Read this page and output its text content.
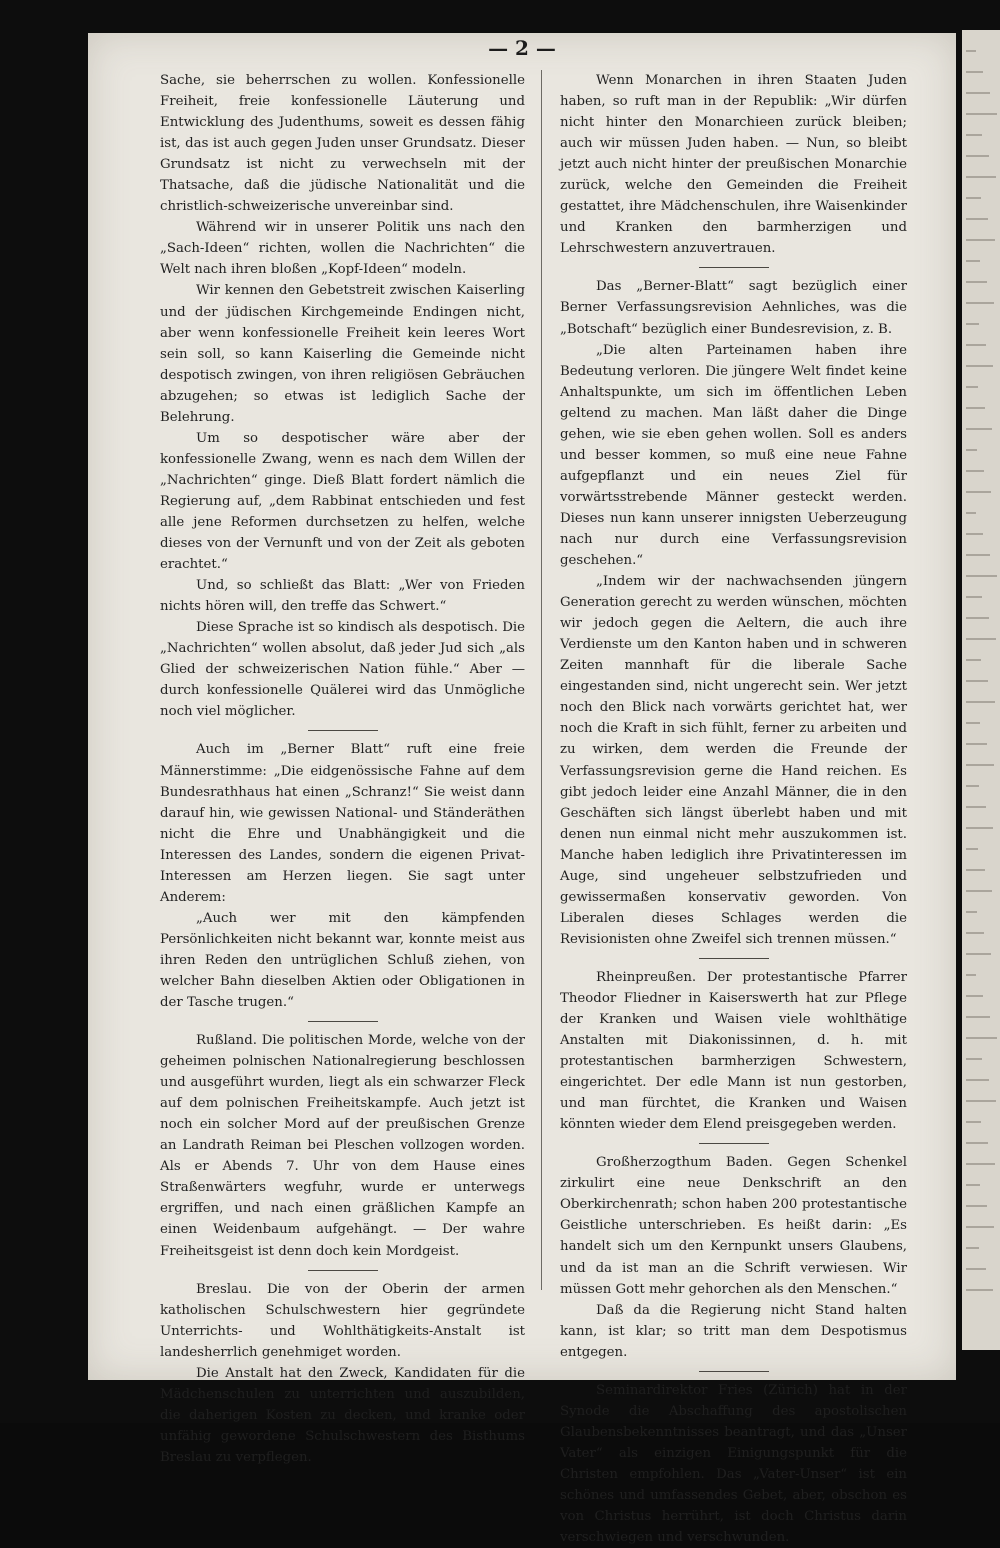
— 2 —

Sache, sie beherrschen zu wollen. Konfessionelle Freiheit, freie konfessionelle Läuterung und Entwicklung des Judenthums, soweit es dessen fähig ist, das ist auch gegen Juden unser Grundsatz. Dieser Grundsatz ist nicht zu verwechseln mit der Thatsache, daß die jüdische Nationalität und die christlich-schweizerische unvereinbar sind.

Während wir in unserer Politik uns nach den „Sach-Ideen“ richten, wollen die Nachrichten“ die Welt nach ihren bloßen „Kopf-Ideen“ modeln.

Wir kennen den Gebetstreit zwischen Kaiserling und der jüdischen Kirchgemeinde Endingen nicht, aber wenn konfessionelle Freiheit kein leeres Wort sein soll, so kann Kaiserling die Gemeinde nicht despotisch zwingen, von ihren religiösen Gebräuchen abzugehen; so etwas ist lediglich Sache der Belehrung.

Um so despotischer wäre aber der konfessionelle Zwang, wenn es nach dem Willen der „Nachrichten“ ginge. Dieß Blatt fordert nämlich die Regierung auf, „dem Rabbinat entschieden und fest alle jene Reformen durchsetzen zu helfen, welche dieses von der Vernunft und von der Zeit als geboten erachtet.“

Und, so schließt das Blatt: „Wer von Frieden nichts hören will, den treffe das Schwert.“

Diese Sprache ist so kindisch als despotisch. Die „Nachrichten“ wollen absolut, daß jeder Jud sich „als Glied der schweizerischen Nation fühle.“ Aber — durch konfessionelle Quälerei wird das Unmögliche noch viel möglicher.

Auch im „Berner Blatt“ ruft eine freie Männerstimme: „Die eidgenössische Fahne auf dem Bundesrathhaus hat einen „Schranz!“ Sie weist dann darauf hin, wie gewissen National- und Ständeräthen nicht die Ehre und Unabhängigkeit und die Interessen des Landes, sondern die eigenen Privat-Interessen am Herzen liegen. Sie sagt unter Anderem:

„Auch wer mit den kämpfenden Persönlichkeiten nicht bekannt war, konnte meist aus ihren Reden den untrüglichen Schluß ziehen, von welcher Bahn dieselben Aktien oder Obligationen in der Tasche trugen.“

Rußland. Die politischen Morde, welche von der geheimen polnischen Nationalregierung beschlossen und ausgeführt wurden, liegt als ein schwarzer Fleck auf dem polnischen Freiheitskampfe. Auch jetzt ist noch ein solcher Mord auf der preußischen Grenze an Landrath Reiman bei Pleschen vollzogen worden. Als er Abends 7. Uhr von dem Hause eines Straßenwärters wegfuhr, wurde er unterwegs ergriffen, und nach einen gräßlichen Kampfe an einen Weidenbaum aufgehängt. — Der wahre Freiheitsgeist ist denn doch kein Mordgeist.

Breslau. Die von der Oberin der armen katholischen Schulschwestern hier gegründete Unterrichts- und Wohlthätigkeits-Anstalt ist landesherrlich genehmiget worden.

Die Anstalt hat den Zweck, Kandidaten für die Mädchenschulen zu unterrichten und auszubilden, die daherigen Kosten zu decken, und kranke oder unfähig gewordene Schulschwestern des Bisthums Breslau zu verpflegen.

Wenn Monarchen in ihren Staaten Juden haben, so ruft man in der Republik: „Wir dürfen nicht hinter den Monarchieen zurück bleiben; auch wir müssen Juden haben. — Nun, so bleibt jetzt auch nicht hinter der preußischen Monarchie zurück, welche den Gemeinden die Freiheit gestattet, ihre Mädchenschulen, ihre Waisenkinder und Kranken den barmherzigen und Lehrschwestern anzuvertrauen.

Das „Berner-Blatt“ sagt bezüglich einer Berner Verfassungsrevision Aehnliches, was die „Botschaft“ bezüglich einer Bundesrevision, z. B.

„Die alten Parteinamen haben ihre Bedeutung verloren. Die jüngere Welt findet keine Anhaltspunkte, um sich im öffentlichen Leben geltend zu machen. Man läßt daher die Dinge gehen, wie sie eben gehen wollen. Soll es anders und besser kommen, so muß eine neue Fahne aufgepflanzt und ein neues Ziel für vorwärtsstrebende Männer gesteckt werden. Dieses nun kann unserer innigsten Ueberzeugung nach nur durch eine Verfassungsrevision geschehen.“

„Indem wir der nachwachsenden jüngern Generation gerecht zu werden wünschen, möchten wir jedoch gegen die Aeltern, die auch ihre Verdienste um den Kanton haben und in schweren Zeiten mannhaft für die liberale Sache eingestanden sind, nicht ungerecht sein. Wer jetzt noch den Blick nach vorwärts gerichtet hat, wer noch die Kraft in sich fühlt, ferner zu arbeiten und zu wirken, dem werden die Freunde der Verfassungsrevision gerne die Hand reichen. Es gibt jedoch leider eine Anzahl Männer, die in den Geschäften sich längst überlebt haben und mit denen nun einmal nicht mehr auszukommen ist. Manche haben lediglich ihre Privatinteressen im Auge, sind ungeheuer selbstzufrieden und gewissermaßen konservativ geworden. Von Liberalen dieses Schlages werden die Revisionisten ohne Zweifel sich trennen müssen.“

Rheinpreußen. Der protestantische Pfarrer Theodor Fliedner in Kaiserswerth hat zur Pflege der Kranken und Waisen viele wohlthätige Anstalten mit Diakonissinnen, d. h. mit protestantischen barmherzigen Schwestern, eingerichtet. Der edle Mann ist nun gestorben, und man fürchtet, die Kranken und Waisen könnten wieder dem Elend preisgegeben werden.

Großherzogthum Baden. Gegen Schenkel zirkulirt eine neue Denkschrift an den Oberkirchenrath; schon haben 200 protestantische Geistliche unterschrieben. Es heißt darin: „Es handelt sich um den Kernpunkt unsers Glaubens, und da ist man an die Schrift verwiesen. Wir müssen Gott mehr gehorchen als den Menschen.“

Daß da die Regierung nicht Stand halten kann, ist klar; so tritt man dem Despotismus entgegen.

Seminardirektor Fries (Zürich) hat in der Synode die Abschaffung des apostolischen Glaubensbekenntnisses beantragt, und das „Unser Vater“ als einzigen Einigungspunkt für die Christen empfohlen. Das „Vater-Unser“ ist ein schönes und umfassendes Gebet, aber, obschon es von Christus herrührt, ist doch Christus darin verschwiegen und verschwunden.
